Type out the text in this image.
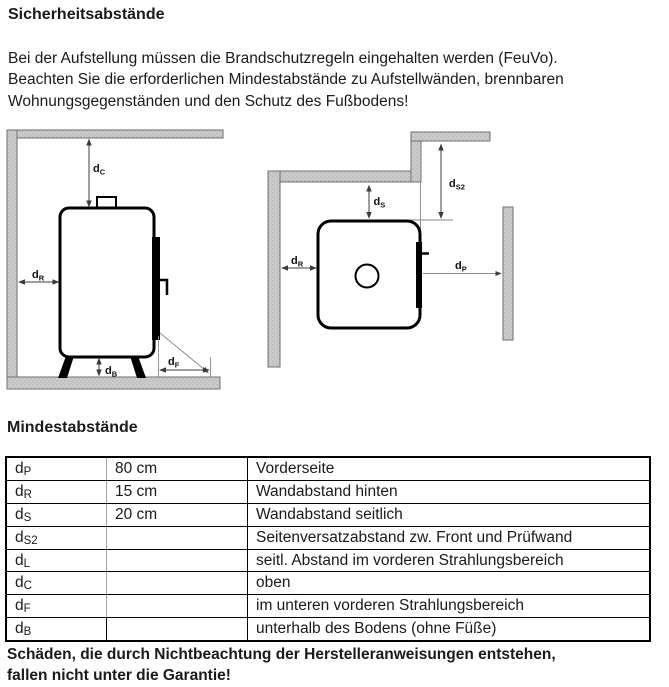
Sicherheitsabstände
Bei der Aufstellung müssen die Brandschutzregeln eingehalten werden (FeuVo).
Beachten Sie die erforderlichen Mindestabstände zu Aufstellwänden, brennbaren
Wohnungsgegenständen und den Schutz des Fußbodens!
$d_C$
$d_R$
$d_B$
$d_F$
$d_S$
$d_{S2}$
$d_R$	$d_P$
Mindestabstände
dP	80 cm	Vorderseite
dR	15 cm	Wandabstand hinten
dS	20 cm	Wandabstand seitlich
dS2		Seitenversatzabstand zw. Front und Prüfwand
dL		seitl. Abstand im vorderen Strahlungsbereich
dC		oben
dF		im unteren vorderen Strahlungsbereich
dB		unterhalb des Bodens (ohne Füße)
Schäden, die durch Nichtbeachtung der Herstelleranweisungen entstehen,
fallen nicht unter die Garantie!
